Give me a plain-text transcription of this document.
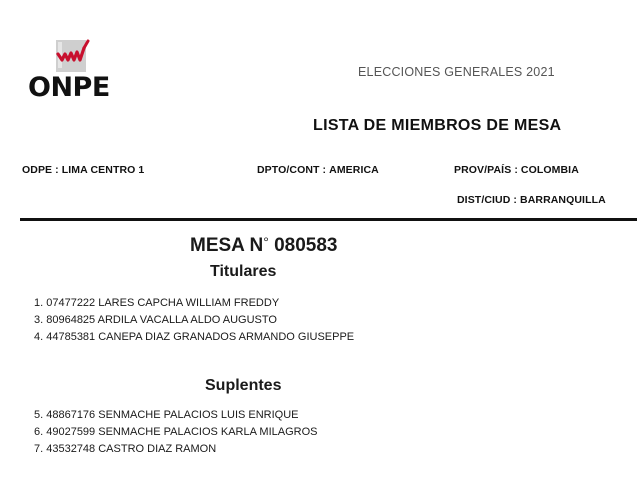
ONPE	ELECCIONES GENERALES 2021
LISTA DE MIEMBROS DE MESA
ODPE : LIMA CENTRO 1	DPTO/CONT : AMERICA	PROV/PAÍS : COLOMBIA
DIST/CIUD : BARRANQUILLA
MESA N° 080583
Titulares
1. 07477222 LARES CAPCHA WILLIAM FREDDY
3. 80964825 ARDILA VACALLA ALDO AUGUSTO
4. 44785381 CANEPA DIAZ GRANADOS ARMANDO GIUSEPPE
Suplentes
5. 48867176 SENMACHE PALACIOS LUIS ENRIQUE
6. 49027599 SENMACHE PALACIOS KARLA MILAGROS
7. 43532748 CASTRO DIAZ RAMON
